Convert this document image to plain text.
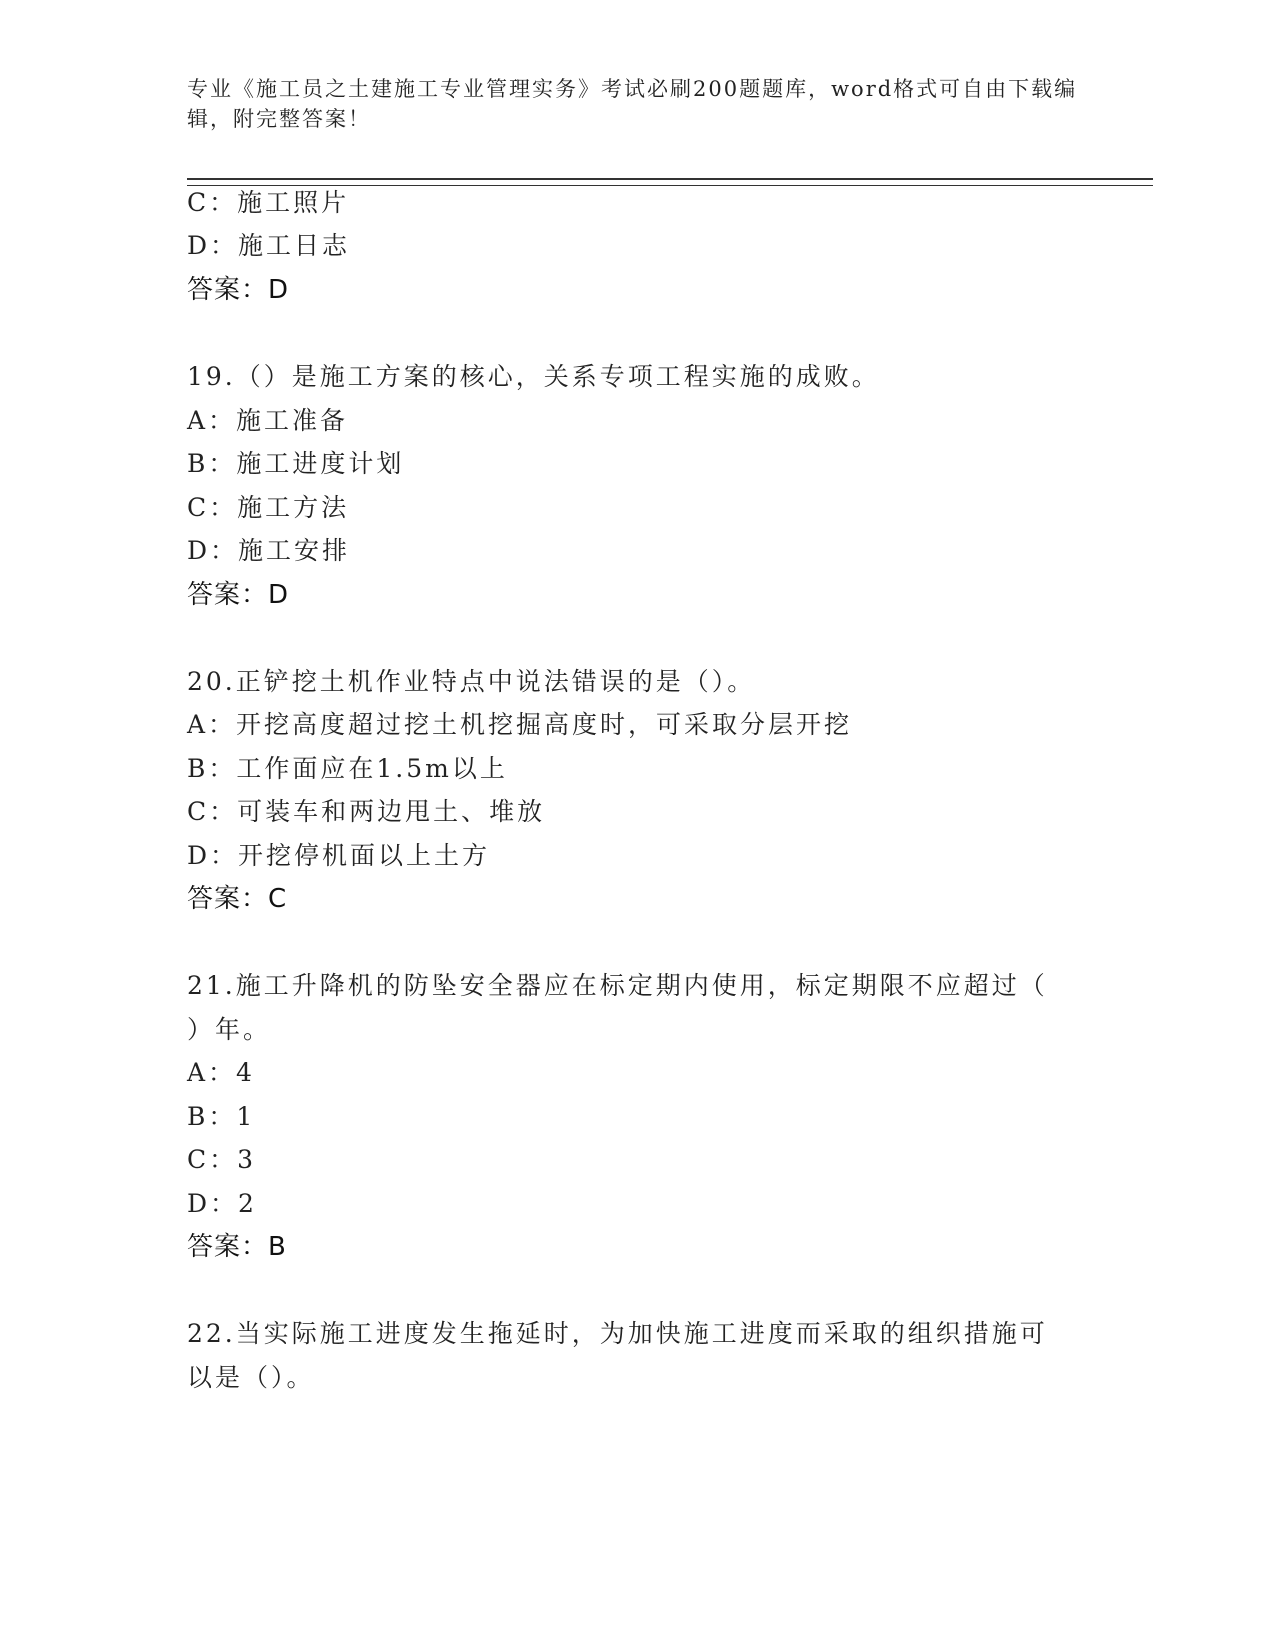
专业《施工员之土建施工专业管理实务》考试必刷200题题库，word格式可自由下载编辑，附完整答案！
C：施工照片
D：施工日志
答案：D
19.（）是施工方案的核心，关系专项工程实施的成败。
A：施工准备
B：施工进度计划
C：施工方法
D：施工安排
答案：D
20.正铲挖土机作业特点中说法错误的是（）。
A：开挖高度超过挖土机挖掘高度时，可采取分层开挖
B：工作面应在1.5m以上
C：可装车和两边甩土、堆放
D：开挖停机面以上土方
答案：C
21.施工升降机的防坠安全器应在标定期内使用，标定期限不应超过（
）年。
A：4
B：1
C：3
D：2
答案：B
22.当实际施工进度发生拖延时，为加快施工进度而采取的组织措施可
以是（）。
